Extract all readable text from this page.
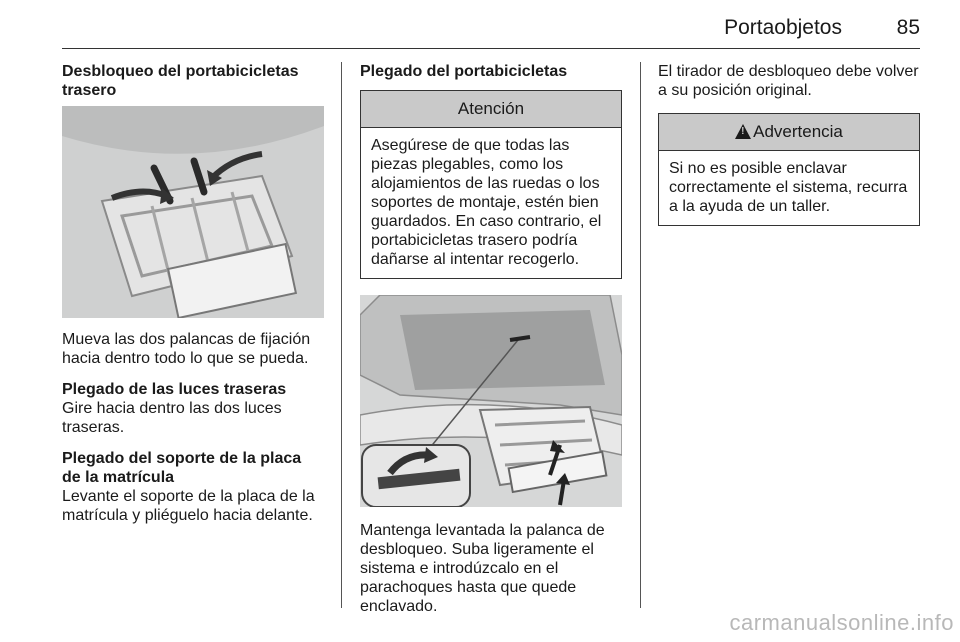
Portaobjetos	85
Desbloqueo del portabicicletas trasero

Mueva las dos palancas de fijación hacia dentro todo lo que se pueda.

Plegado de las luces traseras

Gire hacia dentro las dos luces traseras.

Plegado del soporte de la placa de la matrícula

Levante el soporte de la placa de la matrícula y pliéguelo hacia delante.

Plegado del portabicicletas
Atención
Asegúrese de que todas las piezas plegables, como los alojamientos de las ruedas o los soportes de montaje, estén bien guardados. En caso contrario, el portabicicletas trasero podría dañarse al intentar recogerlo.

Mantenga levantada la palanca de desbloqueo. Suba ligeramente el sistema e introdúzcalo en el parachoques hasta que quede enclavado.

El tirador de desbloqueo debe volver a su posición original.

!Advertencia
Si no es posible enclavar correctamente el sistema, recurra a la ayuda de un taller.
carmanualsonline.info
